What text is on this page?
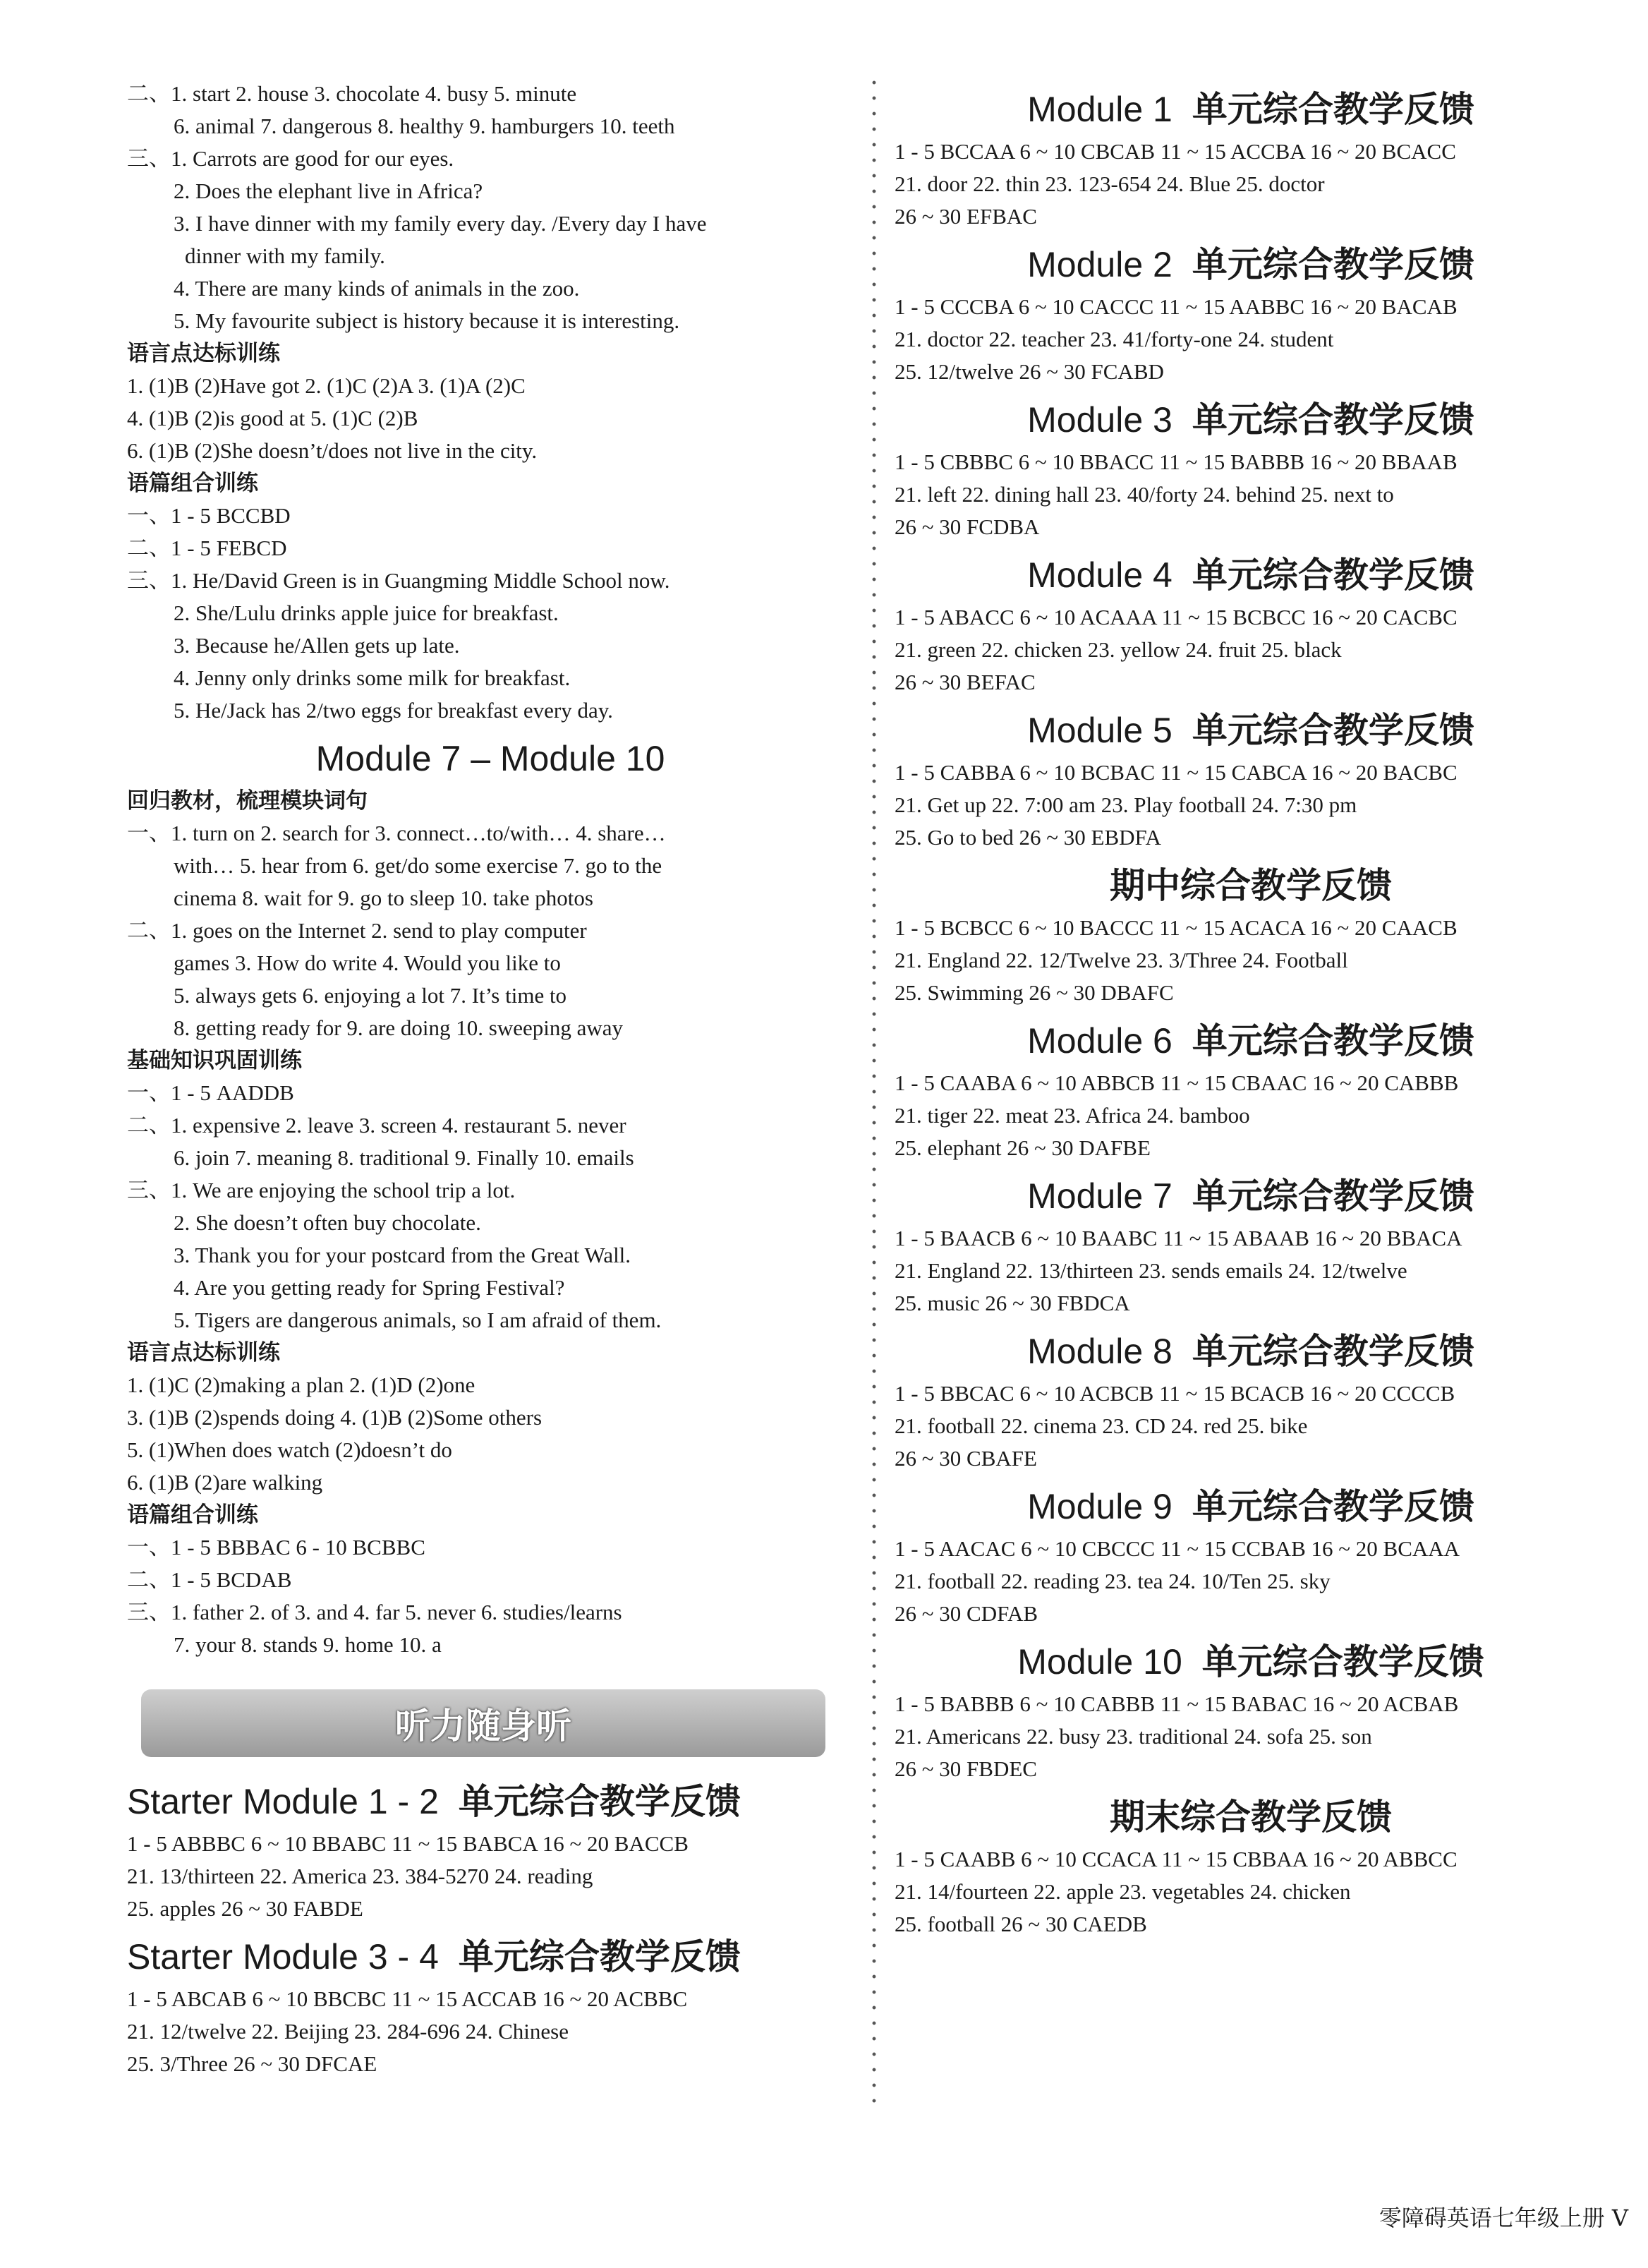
二、1. start 2. house 3. chocolate 4. busy 5. minute
6. animal 7. dangerous 8. healthy 9. hamburgers 10. teeth
三、1. Carrots are good for our eyes.
2. Does the elephant live in Africa?
3. I have dinner with my family every day. /Every day I have
dinner with my family.
4. There are many kinds of animals in the zoo.
5. My favourite subject is history because it is interesting.
语言点达标训练
1. (1)B (2)Have got 2. (1)C (2)A 3. (1)A (2)C
4. (1)B (2)is good at 5. (1)C (2)B
6. (1)B (2)She doesn’t/does not live in the city.
语篇组合训练
一、1 - 5 BCCBD
二、1 - 5 FEBCD
三、1. He/David Green is in Guangming Middle School now.
2. She/Lulu drinks apple juice for breakfast.
3. Because he/Allen gets up late.
4. Jenny only drinks some milk for breakfast.
5. He/Jack has 2/two eggs for breakfast every day.
Module 7 – Module 10
回归教材，梳理模块词句
一、1. turn on 2. search for 3. connect…to/with… 4. share…
with… 5. hear from 6. get/do some exercise 7. go to the
cinema 8. wait for 9. go to sleep 10. take photos
二、1. goes on the Internet 2. send to play computer
games 3. How do write 4. Would you like to
5. always gets 6. enjoying a lot 7. It’s time to
8. getting ready for 9. are doing 10. sweeping away
基础知识巩固训练
一、1 - 5 AADDB
二、1. expensive 2. leave 3. screen 4. restaurant 5. never
6. join 7. meaning 8. traditional 9. Finally 10. emails
三、1. We are enjoying the school trip a lot.
2. She doesn’t often buy chocolate.
3. Thank you for your postcard from the Great Wall.
4. Are you getting ready for Spring Festival?
5. Tigers are dangerous animals, so I am afraid of them.
语言点达标训练
1. (1)C (2)making a plan 2. (1)D (2)one
3. (1)B (2)spends doing 4. (1)B (2)Some others
5. (1)When does watch (2)doesn’t do
6. (1)B (2)are walking
语篇组合训练
一、1 - 5 BBBAC 6 - 10 BCBBC
二、1 - 5 BCDAB
三、1. father 2. of 3. and 4. far 5. never 6. studies/learns
7. your 8. stands 9. home 10. a
听力随身听
Starter Module 1 - 2 单元综合教学反馈
1 - 5 ABBBC 6 ~ 10 BBABC 11 ~ 15 BABCA 16 ~ 20 BACCB
21. 13/thirteen 22. America 23. 384-5270 24. reading
25. apples 26 ~ 30 FABDE
Starter Module 3 - 4 单元综合教学反馈
1 - 5 ABCAB 6 ~ 10 BBCBC 11 ~ 15 ACCAB 16 ~ 20 ACBBC
21. 12/twelve 22. Beijing 23. 284-696 24. Chinese
25. 3/Three 26 ~ 30 DFCAE
Module 1 单元综合教学反馈
1 - 5 BCCAA 6 ~ 10 CBCAB 11 ~ 15 ACCBA 16 ~ 20 BCACC
21. door 22. thin 23. 123-654 24. Blue 25. doctor
26 ~ 30 EFBAC
Module 2 单元综合教学反馈
1 - 5 CCCBA 6 ~ 10 CACCC 11 ~ 15 AABBC 16 ~ 20 BACAB
21. doctor 22. teacher 23. 41/forty-one 24. student
25. 12/twelve 26 ~ 30 FCABD
Module 3 单元综合教学反馈
1 - 5 CBBBC 6 ~ 10 BBACC 11 ~ 15 BABBB 16 ~ 20 BBAAB
21. left 22. dining hall 23. 40/forty 24. behind 25. next to
26 ~ 30 FCDBA
Module 4 单元综合教学反馈
1 - 5 ABACC 6 ~ 10 ACAAA 11 ~ 15 BCBCC 16 ~ 20 CACBC
21. green 22. chicken 23. yellow 24. fruit 25. black
26 ~ 30 BEFAC
Module 5 单元综合教学反馈
1 - 5 CABBA 6 ~ 10 BCBAC 11 ~ 15 CABCA 16 ~ 20 BACBC
21. Get up 22. 7:00 am 23. Play football 24. 7:30 pm
25. Go to bed 26 ~ 30 EBDFA
期中综合教学反馈
1 - 5 BCBCC 6 ~ 10 BACCC 11 ~ 15 ACACA 16 ~ 20 CAACB
21. England 22. 12/Twelve 23. 3/Three 24. Football
25. Swimming 26 ~ 30 DBAFC
Module 6 单元综合教学反馈
1 - 5 CAABA 6 ~ 10 ABBCB 11 ~ 15 CBAAC 16 ~ 20 CABBB
21. tiger 22. meat 23. Africa 24. bamboo
25. elephant 26 ~ 30 DAFBE
Module 7 单元综合教学反馈
1 - 5 BAACB 6 ~ 10 BAABC 11 ~ 15 ABAAB 16 ~ 20 BBACA
21. England 22. 13/thirteen 23. sends emails 24. 12/twelve
25. music 26 ~ 30 FBDCA
Module 8 单元综合教学反馈
1 - 5 BBCAC 6 ~ 10 ACBCB 11 ~ 15 BCACB 16 ~ 20 CCCCB
21. football 22. cinema 23. CD 24. red 25. bike
26 ~ 30 CBAFE
Module 9 单元综合教学反馈
1 - 5 AACAC 6 ~ 10 CBCCC 11 ~ 15 CCBAB 16 ~ 20 BCAAA
21. football 22. reading 23. tea 24. 10/Ten 25. sky
26 ~ 30 CDFAB
Module 10 单元综合教学反馈
1 - 5 BABBB 6 ~ 10 CABBB 11 ~ 15 BABAC 16 ~ 20 ACBAB
21. Americans 22. busy 23. traditional 24. sofa 25. son
26 ~ 30 FBDEC
期末综合教学反馈
1 - 5 CAABB 6 ~ 10 CCACA 11 ~ 15 CBBAA 16 ~ 20 ABBCC
21. 14/fourteen 22. apple 23. vegetables 24. chicken
25. football 26 ~ 30 CAEDB
零障碍英语七年级上册 V
